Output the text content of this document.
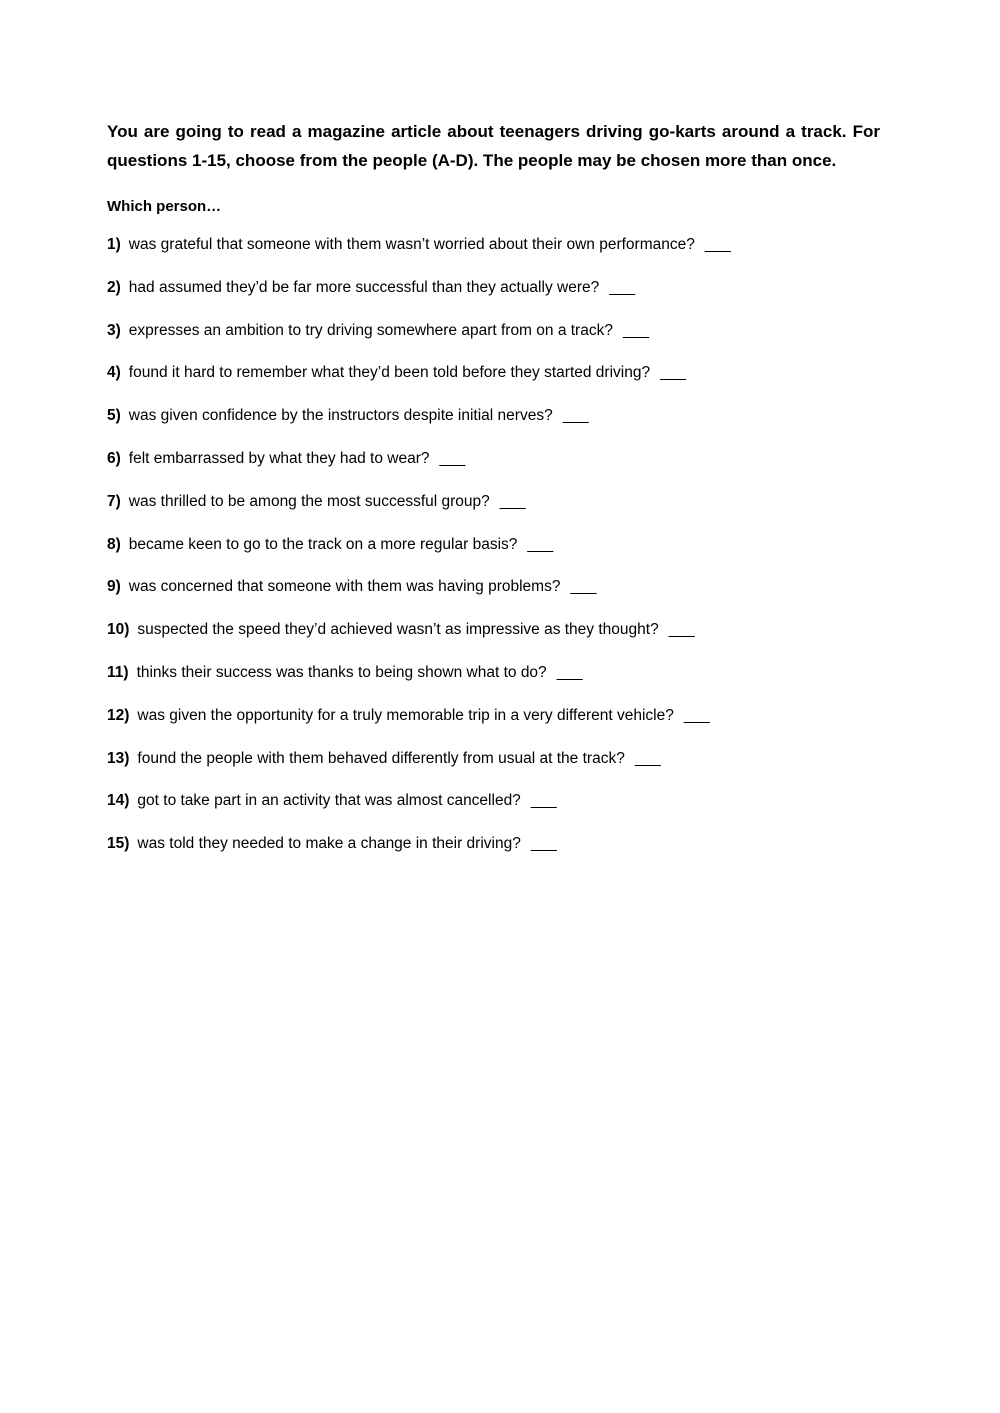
You are going to read a magazine article about teenagers driving go-karts around a track. For questions 1-15, choose from the people (A-D). The people may be chosen more than once.

Which person…

1) was grateful that someone with them wasn’t worried about their own performance? ___
2) had assumed they’d be far more successful than they actually were? ___
3) expresses an ambition to try driving somewhere apart from on a track? ___
4) found it hard to remember what they’d been told before they started driving? ___
5) was given confidence by the instructors despite initial nerves? ___
6) felt embarrassed by what they had to wear? ___
7) was thrilled to be among the most successful group? ___
8) became keen to go to the track on a more regular basis? ___
9) was concerned that someone with them was having problems? ___
10) suspected the speed they’d achieved wasn’t as impressive as they thought? ___
11) thinks their success was thanks to being shown what to do? ___
12) was given the opportunity for a truly memorable trip in a very different vehicle? ___
13) found the people with them behaved differently from usual at the track? ___
14) got to take part in an activity that was almost cancelled? ___
15) was told they needed to make a change in their driving? ___
